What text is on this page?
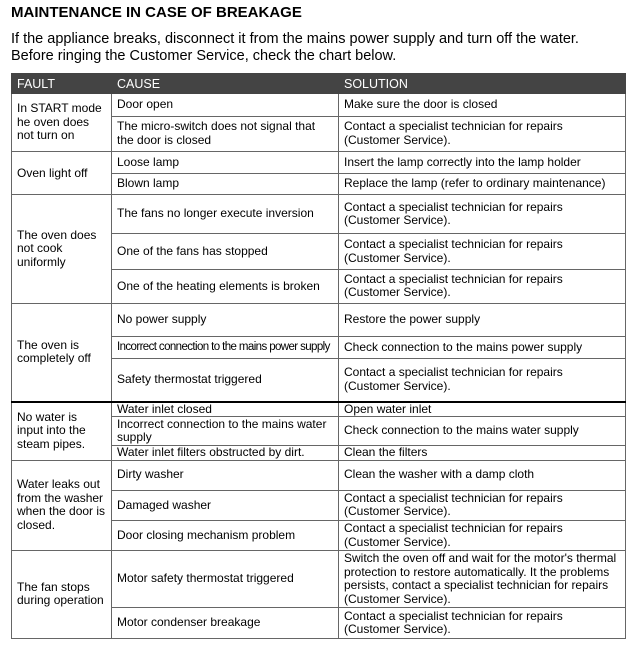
MAINTENANCE IN CASE OF BREAKAGE
If the appliance breaks, disconnect it from the mains power supply and turn off the water.
Before ringing the Customer Service, check the chart below.
FAULT	CAUSE	SOLUTION
In START mode he oven does not turn on	Door open	Make sure the door is closed
	The micro-switch does not signal that the door is closed	Contact a specialist technician for repairs (Customer Service).
Oven light off	Loose lamp	Insert the lamp correctly into the lamp holder
	Blown lamp	Replace the lamp (refer to ordinary maintenance)
The oven does not cook uniformly	The fans no longer execute inversion	Contact a specialist technician for repairs (Customer Service).
	One of the fans has stopped	Contact a specialist technician for repairs (Customer Service).
	One of the heating elements is broken	Contact a specialist technician for repairs (Customer Service).
The oven is completely off	No power supply	Restore the power supply
	Incorrect connection to the mains power supply	Check connection to the mains power supply
	Safety thermostat triggered	Contact a specialist technician for repairs (Customer Service).
No water is input into the steam pipes.	Water inlet closed	Open water inlet
	Incorrect connection to the mains water supply	Check connection to the mains water supply
	Water inlet filters obstructed by dirt.	Clean the filters
Water leaks out from the washer when the door is closed.	Dirty washer	Clean the washer with a damp cloth
	Damaged washer	Contact a specialist technician for repairs (Customer Service).
	Door closing mechanism problem	Contact a specialist technician for repairs (Customer Service).
The fan stops during operation	Motor safety thermostat triggered	Switch the oven off and wait for the motor's thermal protection to restore automatically. It the problems persists, contact a specialist technician for repairs (Customer Service).
	Motor condenser breakage	Contact a specialist technician for repairs (Customer Service).
